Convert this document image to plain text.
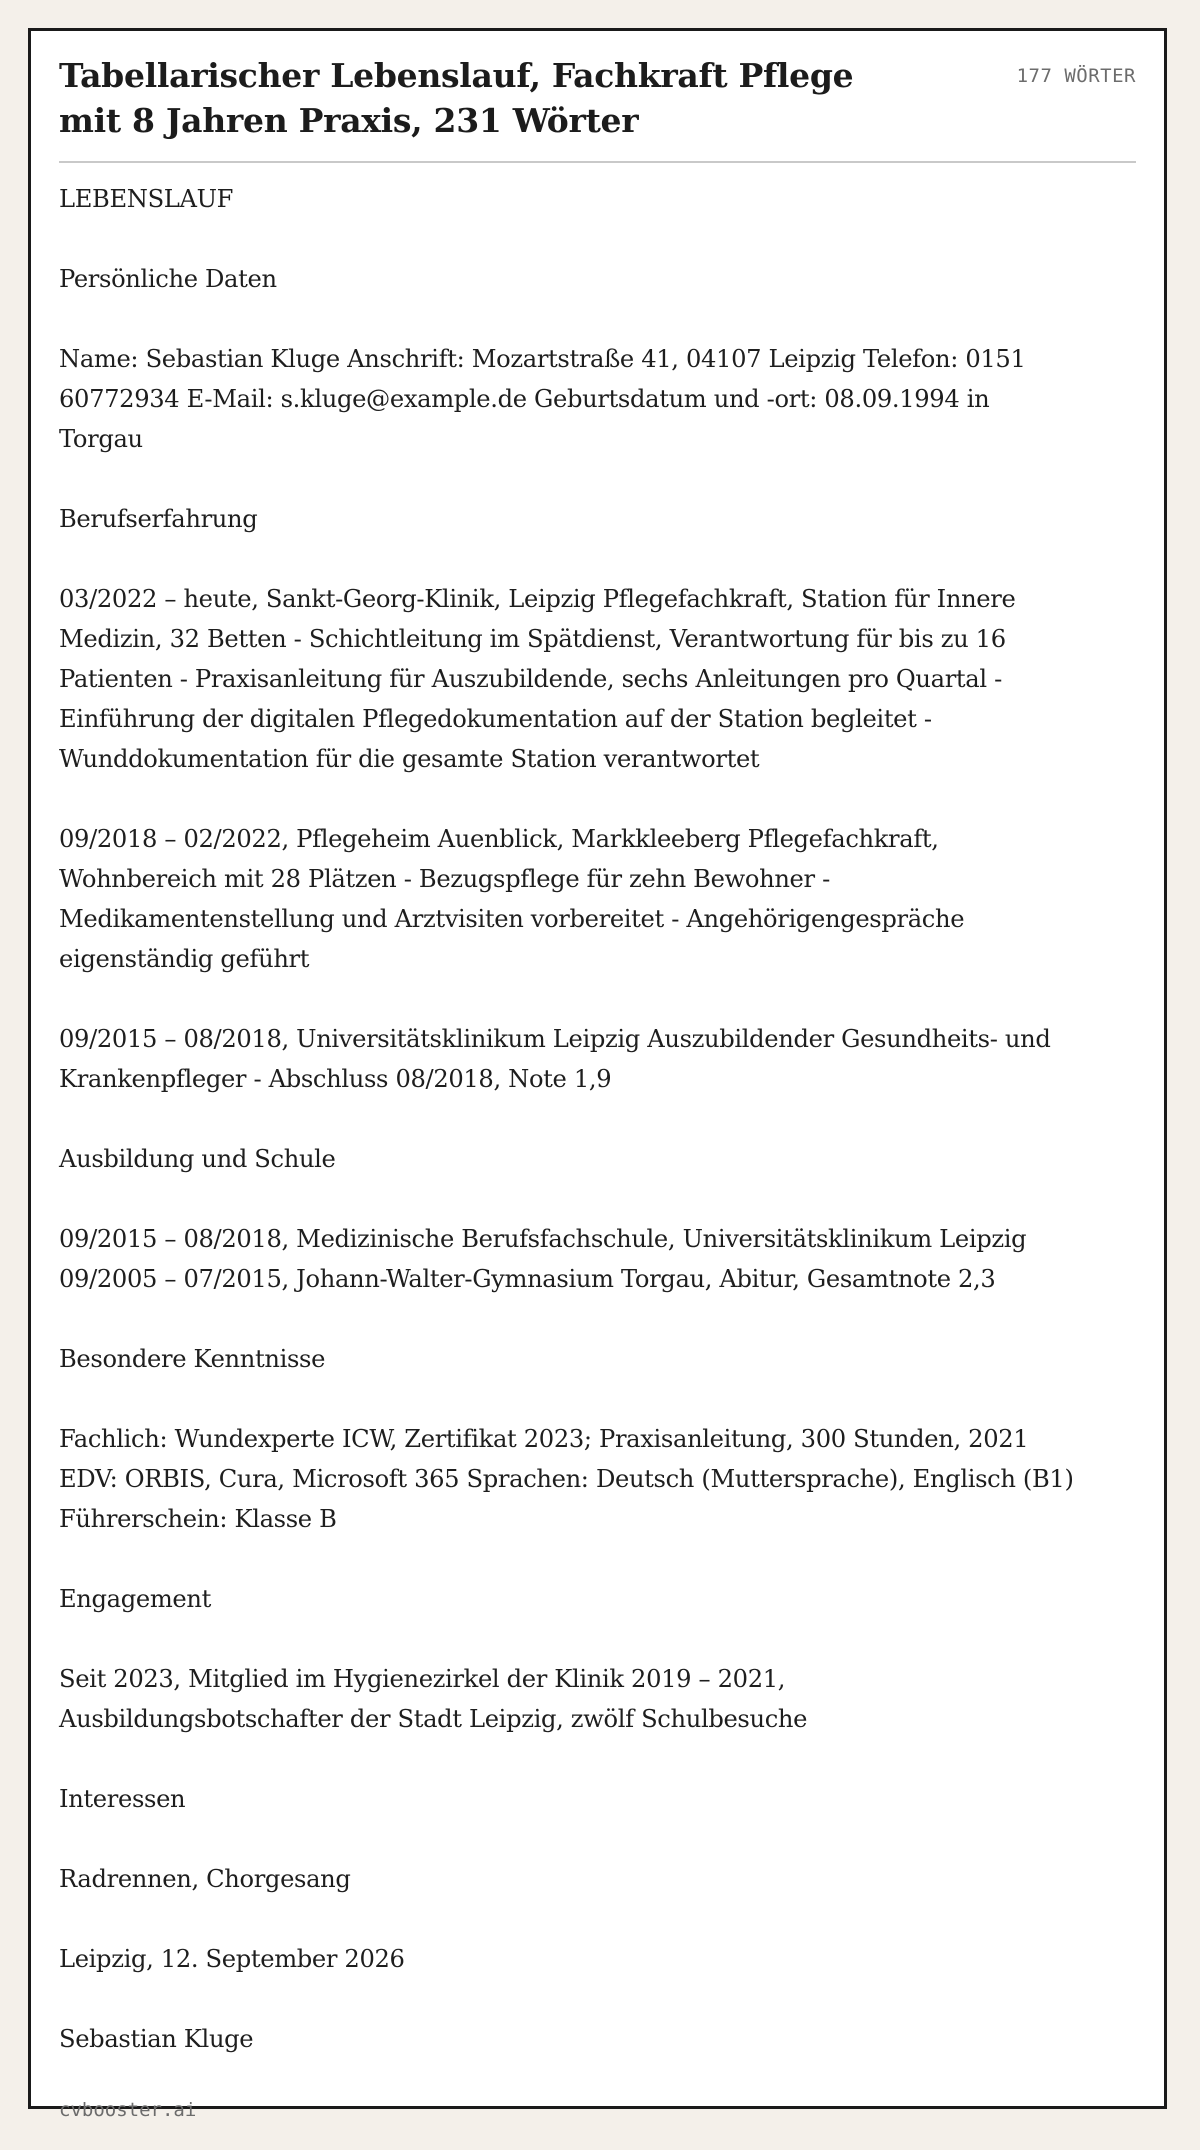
Tabellarischer Lebenslauf, Fachkraft Pflege mit 8 Jahren Praxis, 231 Wörter
177 WÖRTER

LEBENSLAUF

Persönliche Daten

Name: Sebastian Kluge Anschrift: Mozartstraße 41, 04107 Leipzig Telefon: 0151 60772934 E-Mail: s.kluge@example.de Geburtsdatum und -ort: 08.09.1994 in Torgau

Berufserfahrung

03/2022 – heute, Sankt-Georg-Klinik, Leipzig Pflegefachkraft, Station für Innere Medizin, 32 Betten - Schichtleitung im Spätdienst, Verantwortung für bis zu 16 Patienten - Praxisanleitung für Auszubildende, sechs Anleitungen pro Quartal - Einführung der digitalen Pflegedokumentation auf der Station begleitet - Wunddokumentation für die gesamte Station verantwortet

09/2018 – 02/2022, Pflegeheim Auenblick, Markkleeberg Pflegefachkraft, Wohnbereich mit 28 Plätzen - Bezugspflege für zehn Bewohner - Medikamentenstellung und Arztvisiten vorbereitet - Angehörigengespräche eigenständig geführt

09/2015 – 08/2018, Universitätsklinikum Leipzig Auszubildender Gesundheits- und Krankenpfleger - Abschluss 08/2018, Note 1,9

Ausbildung und Schule

09/2015 – 08/2018, Medizinische Berufsfachschule, Universitätsklinikum Leipzig 09/2005 – 07/2015, Johann-Walter-Gymnasium Torgau, Abitur, Gesamtnote 2,3

Besondere Kenntnisse

Fachlich: Wundexperte ICW, Zertifikat 2023; Praxisanleitung, 300 Stunden, 2021 EDV: ORBIS, Cura, Microsoft 365 Sprachen: Deutsch (Muttersprache), Englisch (B1) Führerschein: Klasse B

Engagement

Seit 2023, Mitglied im Hygienezirkel der Klinik 2019 – 2021, Ausbildungsbotschafter der Stadt Leipzig, zwölf Schulbesuche

Interessen

Radrennen, Chorgesang

Leipzig, 12. September 2026

Sebastian Kluge

cvbooster.ai
